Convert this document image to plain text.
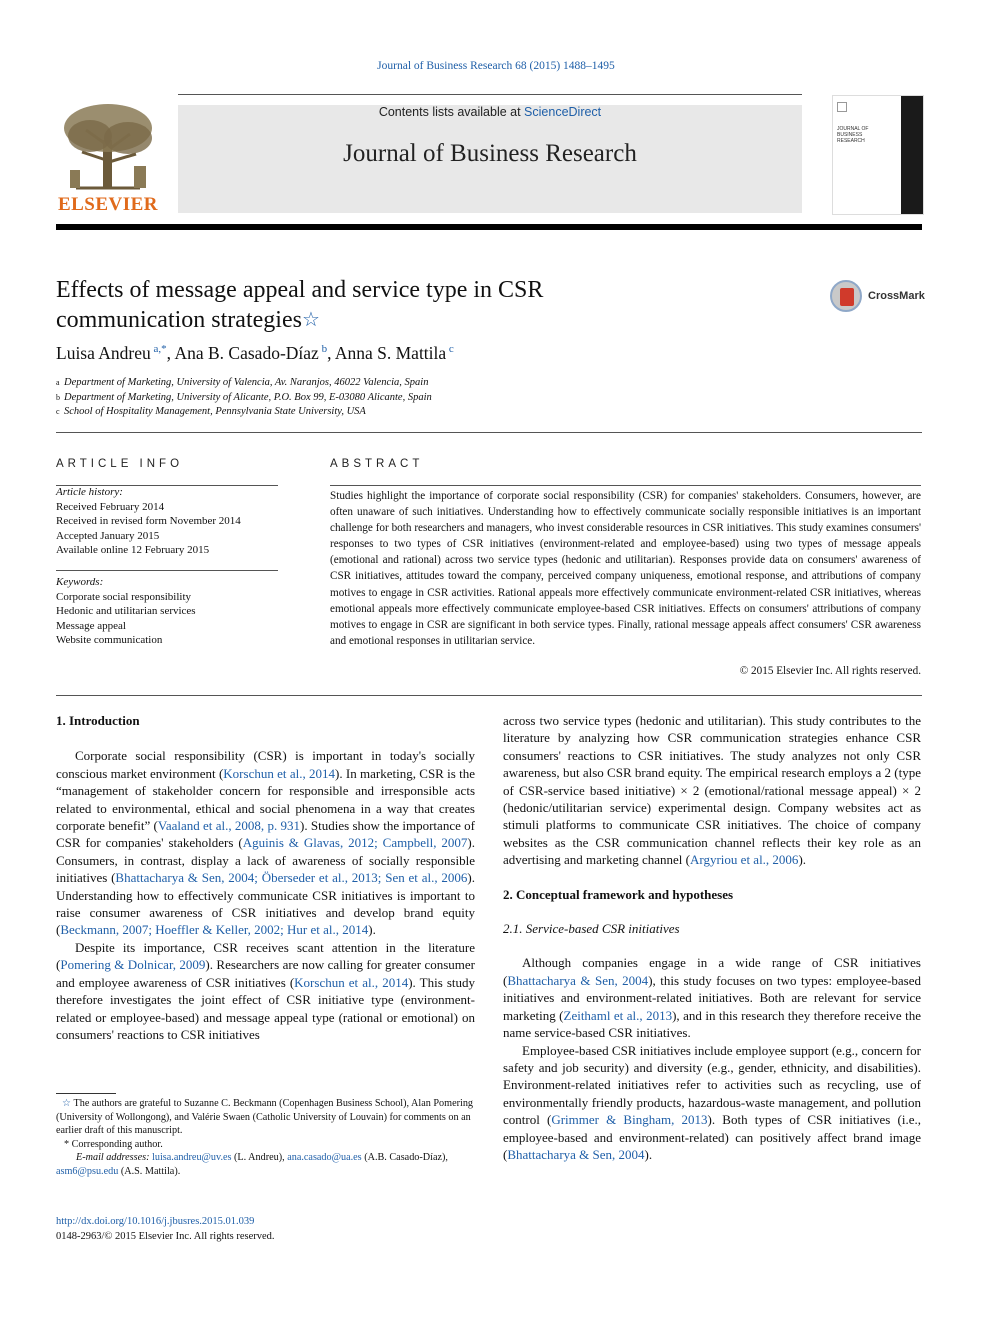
Journal of Business Research 68 (2015) 1488–1495
ELSEVIER
Contents lists available at ScienceDirect
Journal of Business Research
JOURNAL OF BUSINESS RESEARCH
Effects of message appeal and service type in CSR
communication strategies☆
CrossMark
Luisa Andreu $^{a,*}$, Ana B. Casado-Díaz $^b$, Anna S. Mattila $^c$
a Department of Marketing, University of Valencia, Av. Naranjos, 46022 Valencia, Spain
b Department of Marketing, University of Alicante, P.O. Box 99, E-03080 Alicante, Spain
c School of Hospitality Management, Pennsylvania State University, USA
ARTICLE INFO
Article history:
Received February 2014
Received in revised form November 2014
Accepted January 2015
Available online 12 February 2015
Keywords:
Corporate social responsibility
Hedonic and utilitarian services
Message appeal
Website communication
ABSTRACT
Studies highlight the importance of corporate social responsibility (CSR) for companies' stakeholders. Consumers, however, are often unaware of such initiatives. Understanding how to effectively communicate socially responsible initiatives is an important challenge for both researchers and managers, who invest considerable resources in CSR initiatives. This study examines consumers' responses to two types of CSR initiatives (environment-related and employee-based) using two types of message appeals (emotional and rational) across two service types (hedonic and utilitarian). Responses provide data on consumers' awareness of CSR initiatives, attitudes toward the company, perceived company uniqueness, emotional response, and attributions of company motives to engage in CSR activities. Rational appeals more effectively communicate environment-related CSR initiatives, whereas emotional appeals more effectively communicate employee-based CSR initiatives. Effects on consumers' attributions of company motives to engage in CSR are significant in both service types. Finally, rational message appeals affect consumers' CSR awareness and emotional responses in utilitarian service.
© 2015 Elsevier Inc. All rights reserved.
1. Introduction

Corporate social responsibility (CSR) is important in today's socially conscious market environment (Korschun et al., 2014). In marketing, CSR is the “management of stakeholder concern for responsible and irresponsible acts related to environmental, ethical and social phenomena in a way that creates corporate benefit” (Vaaland et al., 2008, p. 931). Studies show the importance of CSR for companies' stakeholders (Aguinis & Glavas, 2012; Campbell, 2007). Consumers, in contrast, display a lack of awareness of socially responsible initiatives (Bhattacharya & Sen, 2004; Öberseder et al., 2013; Sen et al., 2006). Understanding how to effectively communicate CSR initiatives is important to raise consumer awareness of CSR initiatives and develop brand equity (Beckmann, 2007; Hoeffler & Keller, 2002; Hur et al., 2014).

Despite its importance, CSR receives scant attention in the literature (Pomering & Dolnicar, 2009). Researchers are now calling for greater consumer and employee awareness of CSR initiatives (Korschun et al., 2014). This study therefore investigates the joint effect of CSR initiative type (environment-related or employee-based) and message appeal type (rational or emotional) on consumers' reactions to CSR initiatives

☆ The authors are grateful to Suzanne C. Beckmann (Copenhagen Business School), Alan Pomering (University of Wollongong), and Valérie Swaen (Catholic University of Louvain) for comments on an earlier draft of this manuscript.

* Corresponding author.

E-mail addresses: luisa.andreu@uv.es (L. Andreu), ana.casado@ua.es (A.B. Casado-Díaz), asm6@psu.edu (A.S. Mattila).

http://dx.doi.org/10.1016/j.jbusres.2015.01.039
0148-2963/© 2015 Elsevier Inc. All rights reserved.

across two service types (hedonic and utilitarian). This study contributes to the literature by analyzing how CSR communication strategies enhance CSR consumers' reactions to CSR initiatives. The study analyzes not only CSR awareness, but also CSR brand equity. The empirical research employs a 2 (type of CSR-service based initiative) × 2 (emotional/rational message appeal) × 2 (hedonic/utilitarian service) experimental design. Company websites act as stimuli platforms to communicate CSR initiatives. The choice of company websites as the CSR communication channel reflects their key role as an advertising and marketing channel (Argyriou et al., 2006).

2. Conceptual framework and hypotheses
2.1. Service-based CSR initiatives

Although companies engage in a wide range of CSR initiatives (Bhattacharya & Sen, 2004), this study focuses on two types: employee-based initiatives and environment-related initiatives. Both are relevant for service marketing (Zeithaml et al., 2013), and in this research they therefore receive the name service-based CSR initiatives.

Employee-based CSR initiatives include employee support (e.g., concern for safety and job security) and diversity (e.g., gender, ethnicity, and disabilities). Environment-related initiatives refer to activities such as recycling, use of environmentally friendly products, hazardous-waste management, and pollution control (Grimmer & Bingham, 2013). Both types of CSR initiatives (i.e., employee-based and environment-related) can positively affect brand image (Bhattacharya & Sen, 2004).
